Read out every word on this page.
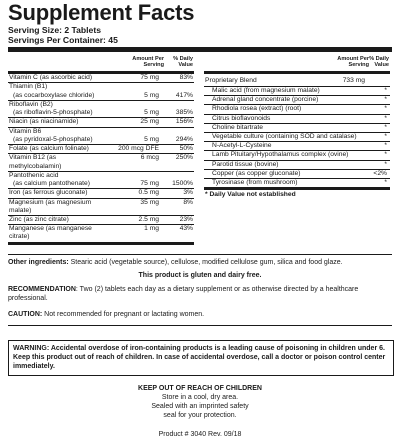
Supplement Facts
Serving Size: 2 Tablets
Servings Per Container: 45
Amount Per
Serving
% Daily
Value
Amount Per
Serving
% Daily
Value
Vitamin C (as ascorbic acid)	75 mg	83%
Thiamin (B1)
(as cocarboxylase chloride)	5 mg	417%
Riboflavin (B2)
(as riboflavin-5-phosphate)	5 mg	385%
Niacin (as niacinamide)	25 mg	156%
Vitamin B6
(as pyridoxal-5-phosphate)	5 mg	294%
Folate (as calcium folinate)	200 mcg DFE	50%
Vitamin B12 (as methylcobalamin)
6 mcg	250%
Pantothenic acid
(as calcium pantothenate)	75 mg	1500%
Iron (as ferrous gluconate)	0.5 mg	3%
Magnesium (as magnesium malate)
35 mg	8%
Zinc (as zinc citrate)	2.5 mg	23%
Manganese (as manganese citrate)
1 mg	43%
Proprietary Blend	733 mg
Malic acid (from magnesium malate)	*
Adrenal gland concentrate (porcine)	*
Rhodiola rosea (extract) (root)	*
Citrus bioflavonoids	*
Choline bitartrate	*
Vegetable culture (containing SOD and catalase)	*
N-Acetyl-L-Cysteine	*
Lamb Pituitary/Hypothalamus complex (ovine)	*
Parotid tissue (bovine)	*
Copper (as copper gluconate)	<2%
Tyrosinase (from mushroom)	*
* Daily Value not established
Other ingredients: Stearic acid (vegetable source), cellulose, modified cellulose gum, silica and food glaze.
This product is gluten and dairy free.
RECOMMENDATION: Two (2) tablets each day as a dietary supplement or as otherwise directed by a healthcare professional.
CAUTION: Not recommended for pregnant or lactating women.
WARNING: Accidental overdose of iron-containing products is a leading cause of poisoning in children under 6. Keep this product out of reach of children. In case of accidental overdose, call a doctor or poison control center immediately.
KEEP OUT OF REACH OF CHILDREN
Store in a cool, dry area.
Sealed with an imprinted safety
seal for your protection.
Product # 3040 Rev. 09/18
